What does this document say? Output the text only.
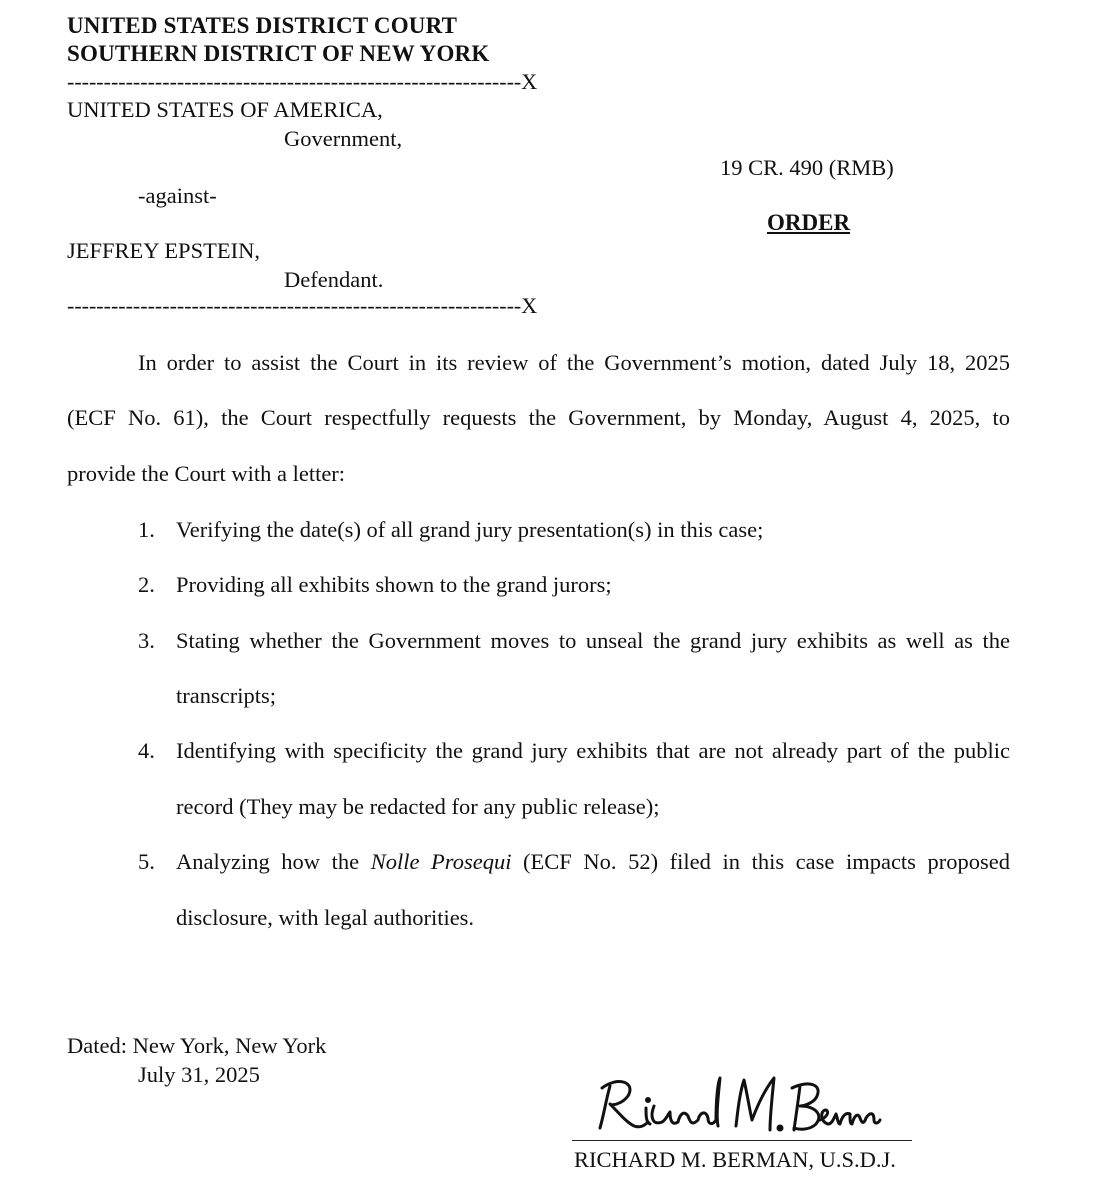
UNITED STATES DISTRICT COURT
SOUTHERN DISTRICT OF NEW YORK
--------------------------------------------------------------X
UNITED STATES OF AMERICA,
Government,
19 CR. 490 (RMB)
-against-
ORDER
JEFFREY EPSTEIN,
Defendant.
--------------------------------------------------------------X
In order to assist the Court in its review of the Government’s motion, dated July 18, 2025
(ECF No. 61), the Court respectfully requests the Government, by Monday, August 4, 2025, to
provide the Court with a letter:
1. Verifying the date(s) of all grand jury presentation(s) in this case;
2. Providing all exhibits shown to the grand jurors;
3. Stating whether the Government moves to unseal the grand jury exhibits as well as the
transcripts;
4. Identifying with specificity the grand jury exhibits that are not already part of the public
record (They may be redacted for any public release);
5. Analyzing how the Nolle Prosequi (ECF No. 52) filed in this case impacts proposed
disclosure, with legal authorities.
Dated: New York, New York
July 31, 2025
RICHARD M. BERMAN, U.S.D.J.
